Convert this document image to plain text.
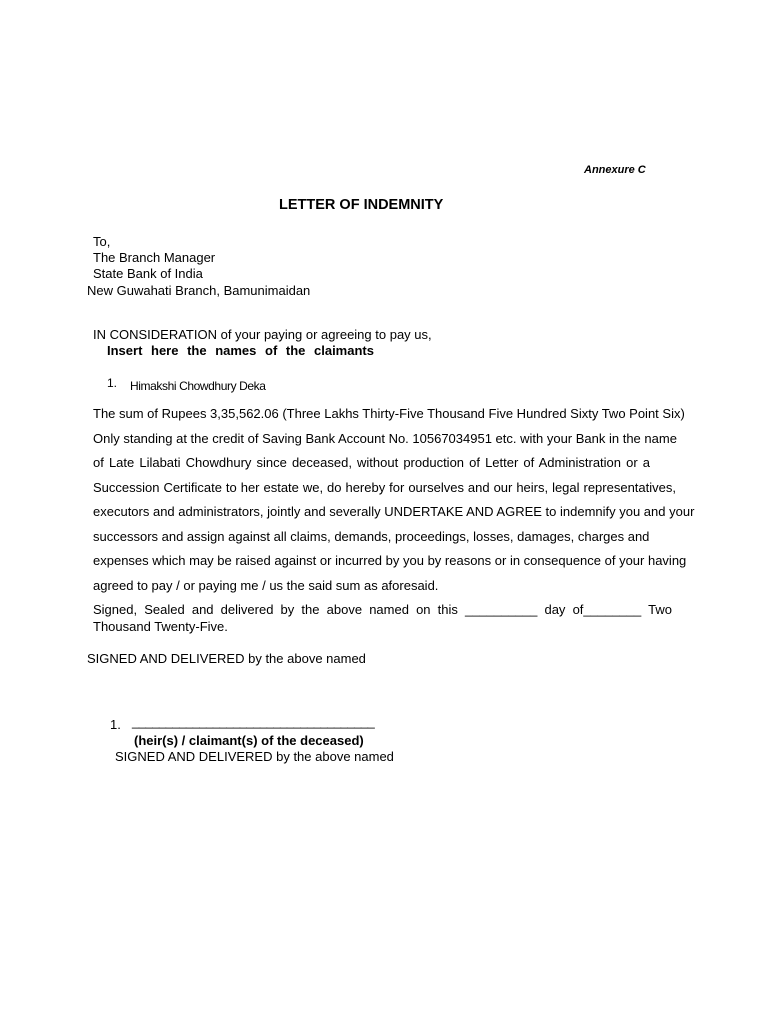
Annexure C
LETTER OF INDEMNITY
To,
The Branch Manager
State Bank of India
New Guwahati Branch, Bamunimaidan
IN CONSIDERATION of your paying or agreeing to pay us,
Insert here the names of the claimants
1. Himakshi Chowdhury Deka
The sum of Rupees 3,35,562.06 (Three Lakhs Thirty-Five Thousand Five Hundred Sixty Two Point Six)
Only standing at the credit of Saving Bank Account No. 10567034951 etc. with your Bank in the name
of Late Lilabati Chowdhury since deceased, without production of Letter of Administration or a
Succession Certificate to her estate we, do hereby for ourselves and our heirs, legal representatives,
executors and administrators, jointly and severally UNDERTAKE AND AGREE to indemnify you and your
successors and assign against all claims, demands, proceedings, losses, damages, charges and
expenses which may be raised against or incurred by you by reasons or in consequence of your having
agreed to pay / or paying me / us the said sum as aforesaid.
Signed, Sealed and delivered by the above named on this __________ day of________ Two
Thousand Twenty-Five.
SIGNED AND DELIVERED by the above named
1. ____________________________________
(heir(s) / claimant(s) of the deceased)
SIGNED AND DELIVERED by the above named
